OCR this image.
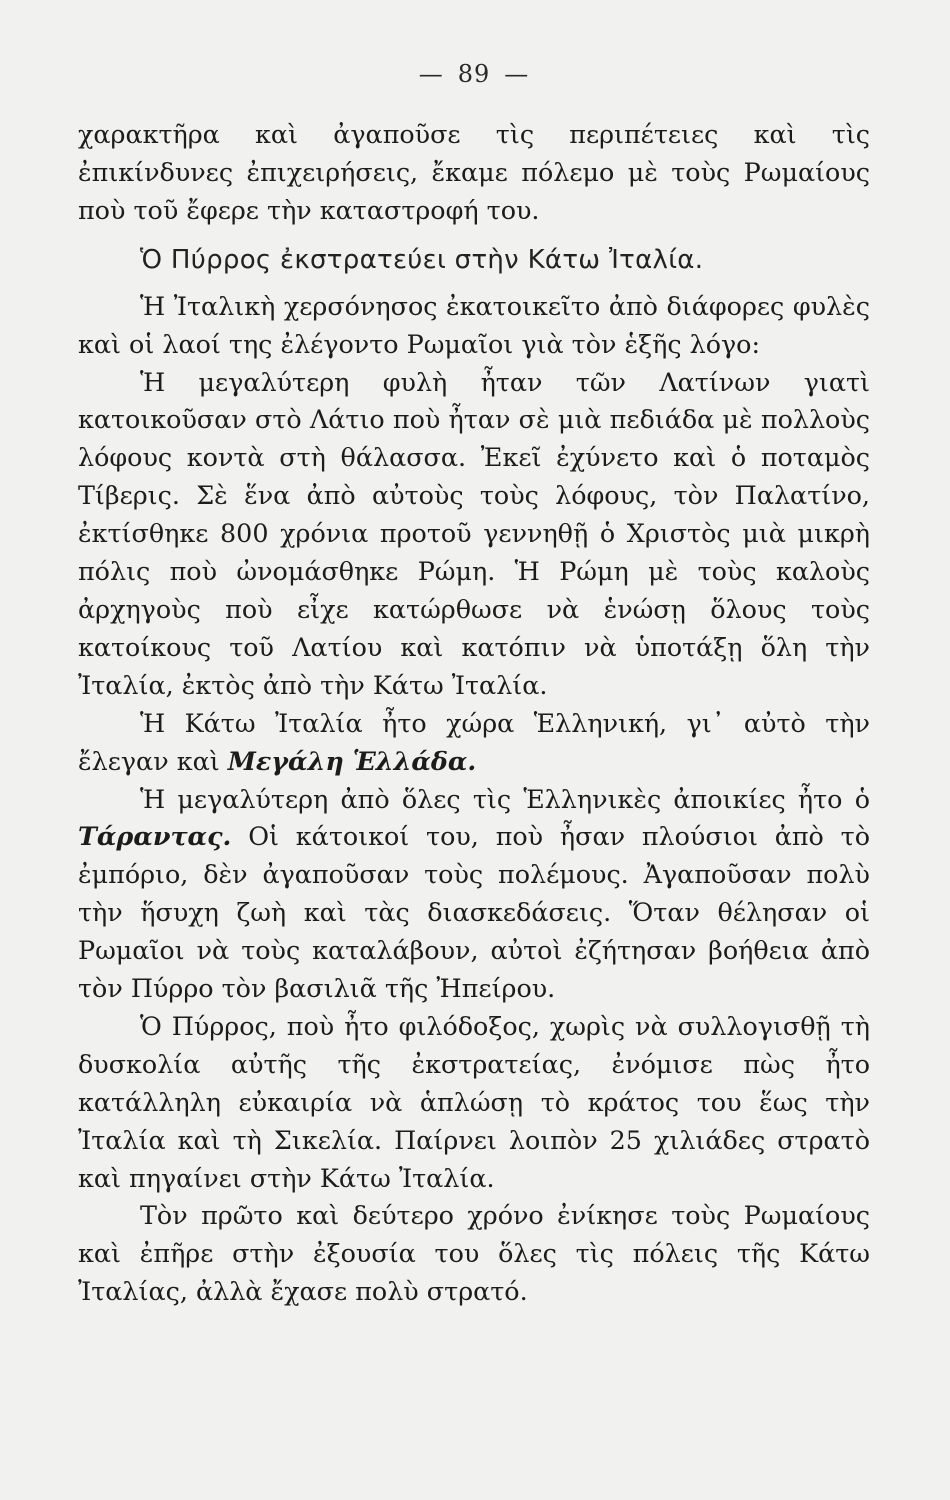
— 89 —

χαρακτῆρα καὶ ἀγαποῦσε τὶς περιπέτειες καὶ τὶς ἐπικίνδυνες ἐπιχειρήσεις, ἔκαμε πόλεμο μὲ τοὺς Ρωμαίους ποὺ τοῦ ἔφερε τὴν καταστροφή του.

Ὁ Πύρρος ἐκστρατεύει στὴν Κάτω Ἰταλία.

Ἡ Ἰταλικὴ χερσόνησος ἐκατοικεῖτο ἀπὸ διάφορες φυλὲς καὶ οἱ λαοί της ἐλέγοντο Ρωμαῖοι γιὰ τὸν ἑξῆς λόγο:

Ἡ μεγαλύτερη φυλὴ ἦταν τῶν Λατίνων γιατὶ κατοικοῦσαν στὸ Λάτιο ποὺ ἦταν σὲ μιὰ πεδιάδα μὲ πολλοὺς λόφους κοντὰ στὴ θάλασσα. Ἐκεῖ ἐχύνετο καὶ ὁ ποταμὸς Τίβερις. Σὲ ἕνα ἀπὸ αὐτοὺς τοὺς λόφους, τὸν Παλατίνο, ἐκτίσθηκε 800 χρόνια προτοῦ γεννηθῇ ὁ Χριστὸς μιὰ μικρὴ πόλις ποὺ ὠνομάσθηκε Ρώμη. Ἡ Ρώμη μὲ τοὺς καλοὺς ἀρχηγοὺς ποὺ εἶχε κατώρθωσε νὰ ἑνώσῃ ὅλους τοὺς κατοίκους τοῦ Λατίου καὶ κατόπιν νὰ ὑποτάξῃ ὅλη τὴν Ἰταλία, ἐκτὸς ἀπὸ τὴν Κάτω Ἰταλία.

Ἡ Κάτω Ἰταλία ἦτο χώρα Ἑλληνική, γι᾿ αὐτὸ τὴν ἔλεγαν καὶ Μεγάλη Ἑλλάδα.

Ἡ μεγαλύτερη ἀπὸ ὅλες τὶς Ἑλληνικὲς ἀποικίες ἦτο ὁ Τάραντας. Οἱ κάτοικοί του, ποὺ ἦσαν πλούσιοι ἀπὸ τὸ ἐμπόριο, δὲν ἀγαποῦσαν τοὺς πολέμους. Ἀγαποῦσαν πολὺ τὴν ἥσυχη ζωὴ καὶ τὰς διασκεδάσεις. Ὅταν θέλησαν οἱ Ρωμαῖοι νὰ τοὺς καταλάβουν, αὐτοὶ ἐζήτησαν βοήθεια ἀπὸ τὸν Πύρρο τὸν βασιλιᾶ τῆς Ἠπείρου.

Ὁ Πύρρος, ποὺ ἦτο φιλόδοξος, χωρὶς νὰ συλλογισθῇ τὴ δυσκολία αὐτῆς τῆς ἐκστρατείας, ἐνόμισε πὼς ἦτο κατάλληλη εὐκαιρία νὰ ἁπλώσῃ τὸ κράτος του ἕως τὴν Ἰταλία καὶ τὴ Σικελία. Παίρνει λοιπὸν 25 χιλιάδες στρατὸ καὶ πηγαίνει στὴν Κάτω Ἰταλία.

Τὸν πρῶτο καὶ δεύτερο χρόνο ἐνίκησε τοὺς Ρωμαίους καὶ ἐπῆρε στὴν ἐξουσία του ὅλες τὶς πόλεις τῆς Κάτω Ἰταλίας, ἀλλὰ ἔχασε πολὺ στρατό.
